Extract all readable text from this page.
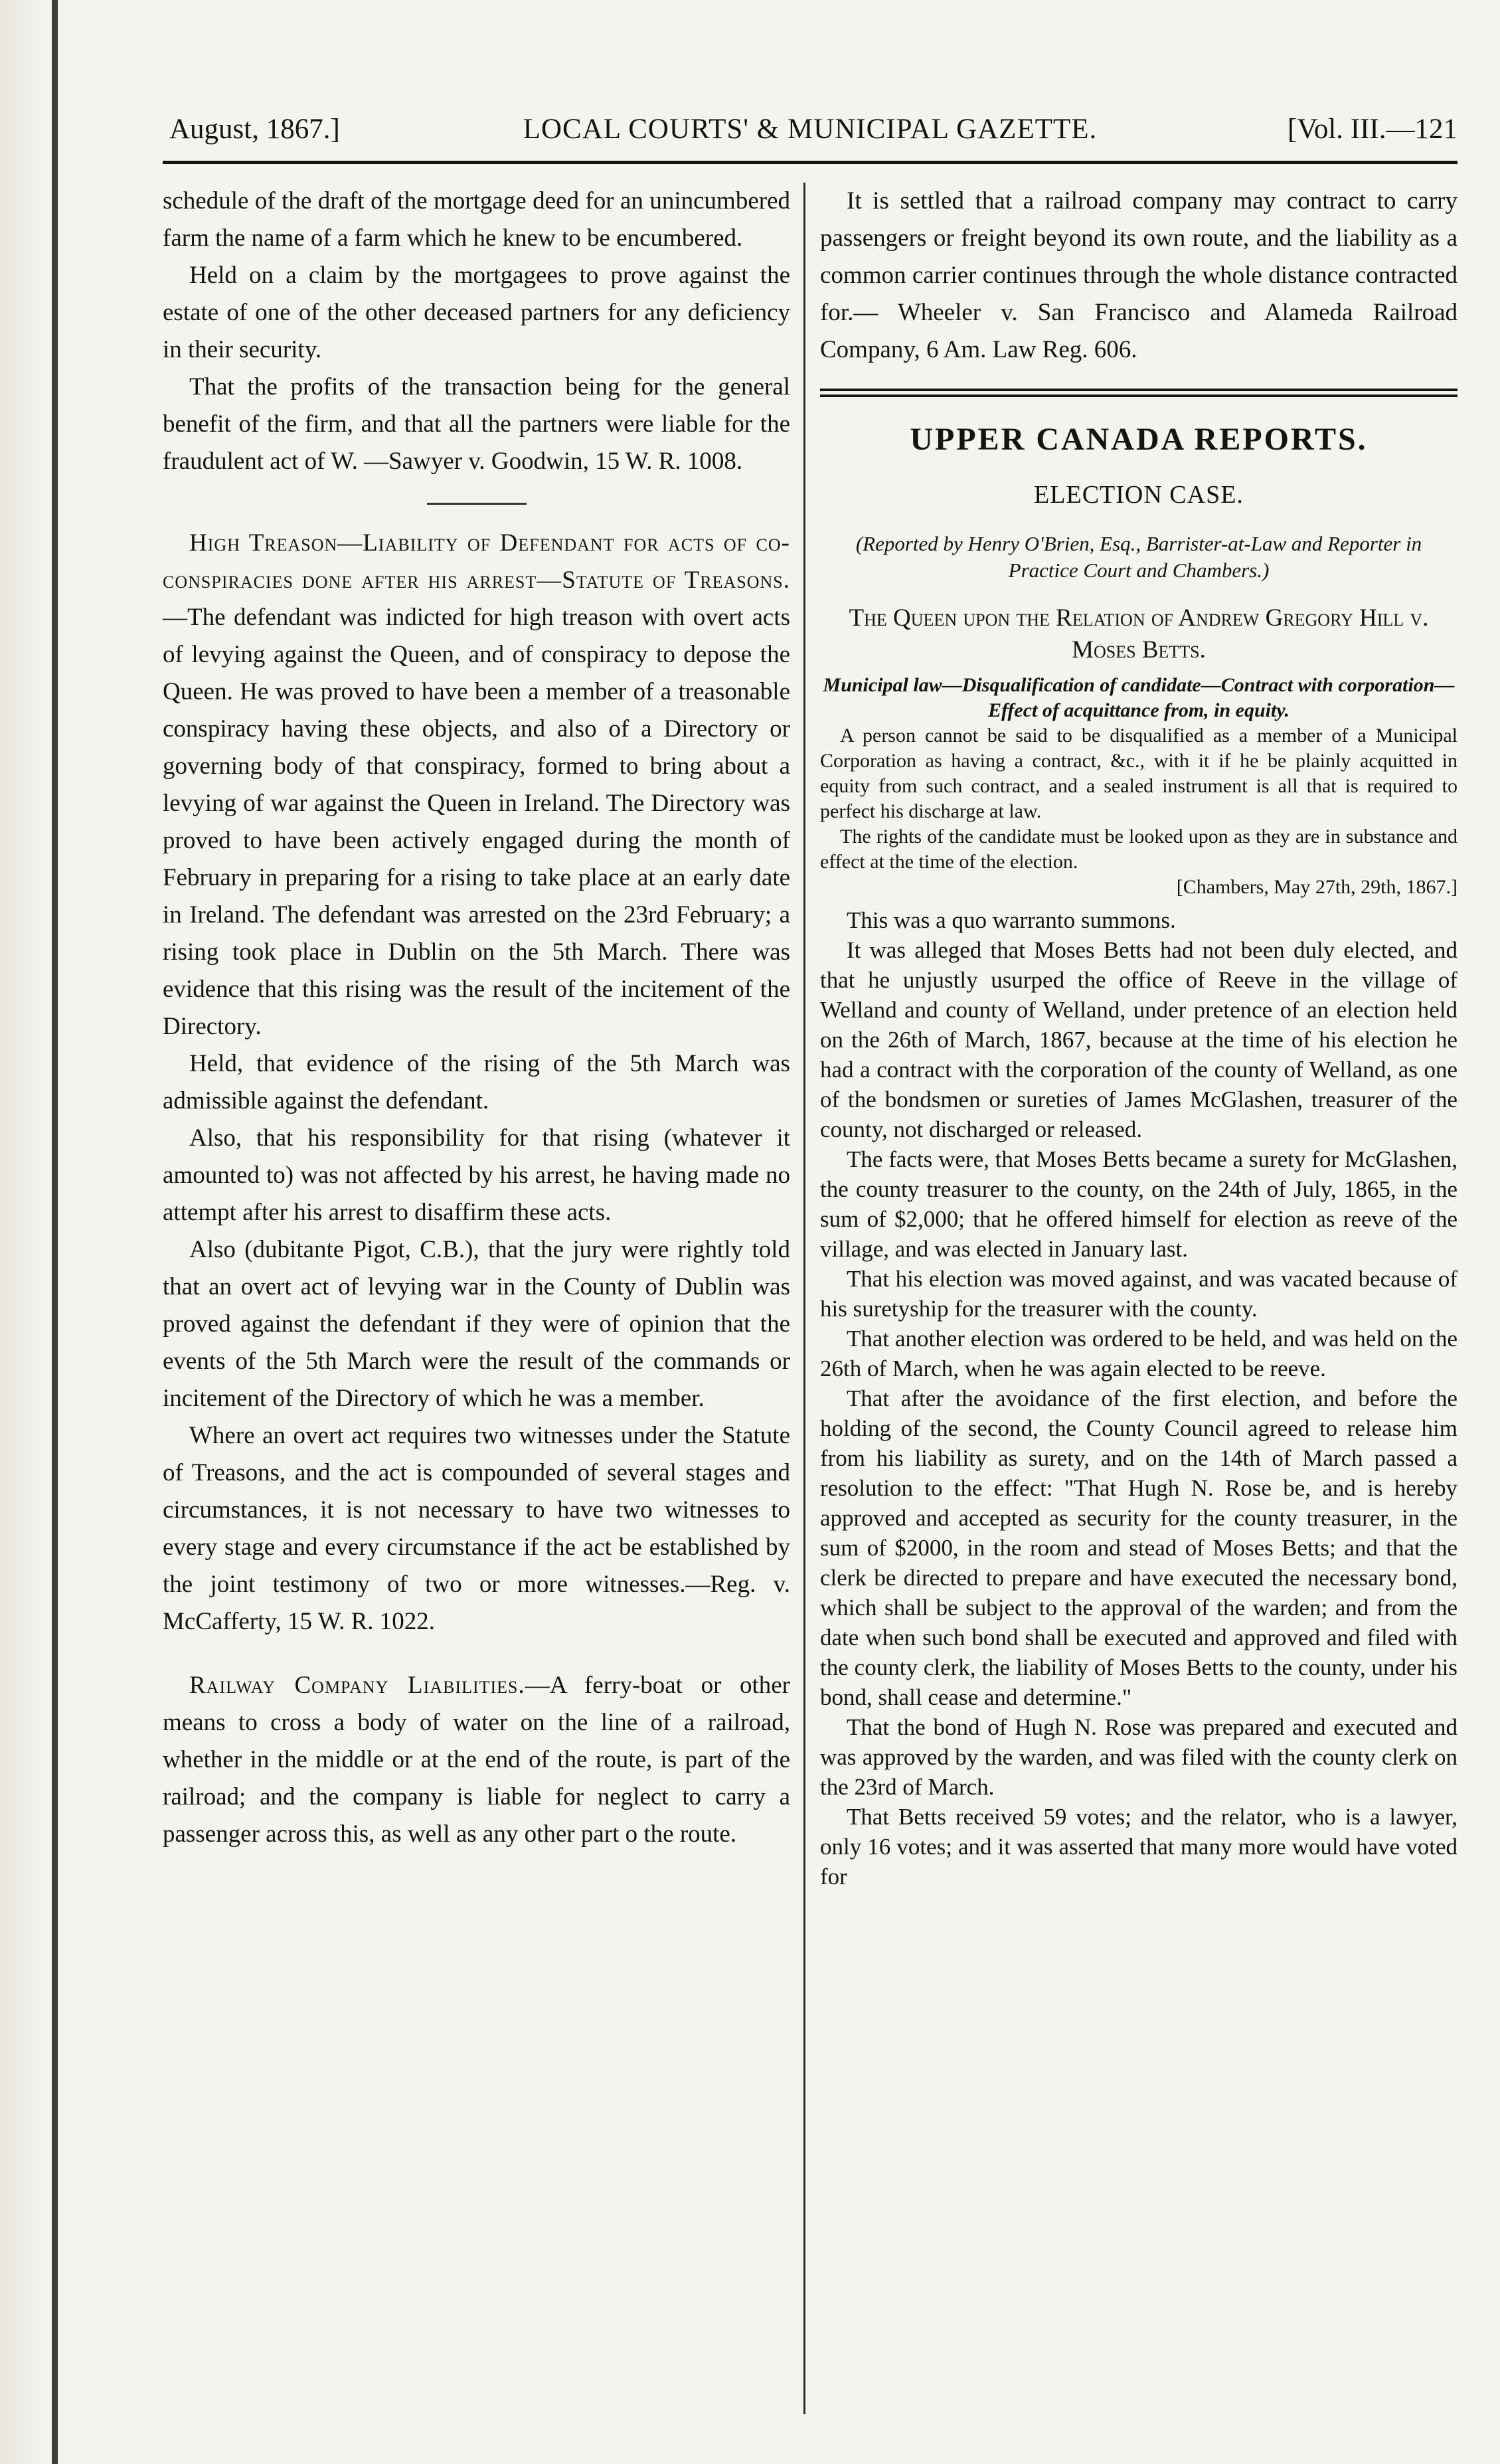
August, 1867.]	LOCAL COURTS' & MUNICIPAL GAZETTE.	[Vol. III.—121

schedule of the draft of the mortgage deed for an unincumbered farm the name of a farm which he knew to be encumbered.

Held on a claim by the mortgagees to prove against the estate of one of the other deceased partners for any deficiency in their security.

That the profits of the transaction being for the general benefit of the firm, and that all the partners were liable for the fraudulent act of W. —Sawyer v. Goodwin, 15 W. R. 1008.

High Treason—Liability of Defendant for acts of co-conspiracies done after his arrest—Statute of Treasons.—The defendant was indicted for high treason with overt acts of levying against the Queen, and of conspiracy to depose the Queen. He was proved to have been a member of a treasonable conspiracy having these objects, and also of a Directory or governing body of that conspiracy, formed to bring about a levying of war against the Queen in Ireland. The Directory was proved to have been actively engaged during the month of February in preparing for a rising to take place at an early date in Ireland. The defendant was arrested on the 23rd February; a rising took place in Dublin on the 5th March. There was evidence that this rising was the result of the incitement of the Directory.

Held, that evidence of the rising of the 5th March was admissible against the defendant.

Also, that his responsibility for that rising (whatever it amounted to) was not affected by his arrest, he having made no attempt after his arrest to disaffirm these acts.

Also (dubitante Pigot, C.B.), that the jury were rightly told that an overt act of levying war in the County of Dublin was proved against the defendant if they were of opinion that the events of the 5th March were the result of the commands or incitement of the Directory of which he was a member.

Where an overt act requires two witnesses under the Statute of Treasons, and the act is compounded of several stages and circumstances, it is not necessary to have two witnesses to every stage and every circumstance if the act be established by the joint testimony of two or more witnesses.—Reg. v. McCafferty, 15 W. R. 1022.

Railway Company Liabilities.—A ferry-boat or other means to cross a body of water on the line of a railroad, whether in the middle or at the end of the route, is part of the railroad; and the company is liable for neglect to carry a passenger across this, as well as any other part o the route.

It is settled that a railroad company may contract to carry passengers or freight beyond its own route, and the liability as a common carrier continues through the whole distance contracted for.— Wheeler v. San Francisco and Alameda Railroad Company, 6 Am. Law Reg. 606.

UPPER CANADA REPORTS.
ELECTION CASE.
(Reported by Henry O'Brien, Esq., Barrister-at-Law and Reporter in Practice Court and Chambers.)
The Queen upon the Relation of Andrew Gregory Hill v. Moses Betts.

Municipal law—Disqualification of candidate—Contract with corporation—Effect of acquittance from, in equity.

A person cannot be said to be disqualified as a member of a Municipal Corporation as having a contract, &c., with it if he be plainly acquitted in equity from such contract, and a sealed instrument is all that is required to perfect his discharge at law.

The rights of the candidate must be looked upon as they are in substance and effect at the time of the election.

[Chambers, May 27th, 29th, 1867.]

This was a quo warranto summons.

It was alleged that Moses Betts had not been duly elected, and that he unjustly usurped the office of Reeve in the village of Welland and county of Welland, under pretence of an election held on the 26th of March, 1867, because at the time of his election he had a contract with the corporation of the county of Welland, as one of the bondsmen or sureties of James McGlashen, treasurer of the county, not discharged or released.

The facts were, that Moses Betts became a surety for McGlashen, the county treasurer to the county, on the 24th of July, 1865, in the sum of $2,000; that he offered himself for election as reeve of the village, and was elected in January last.

That his election was moved against, and was vacated because of his suretyship for the treasurer with the county.

That another election was ordered to be held, and was held on the 26th of March, when he was again elected to be reeve.

That after the avoidance of the first election, and before the holding of the second, the County Council agreed to release him from his liability as surety, and on the 14th of March passed a resolution to the effect: "That Hugh N. Rose be, and is hereby approved and accepted as security for the county treasurer, in the sum of $2000, in the room and stead of Moses Betts; and that the clerk be directed to prepare and have executed the necessary bond, which shall be subject to the approval of the warden; and from the date when such bond shall be executed and approved and filed with the county clerk, the liability of Moses Betts to the county, under his bond, shall cease and determine."

That the bond of Hugh N. Rose was prepared and executed and was approved by the warden, and was filed with the county clerk on the 23rd of March.

That Betts received 59 votes; and the relator, who is a lawyer, only 16 votes; and it was asserted that many more would have voted for
